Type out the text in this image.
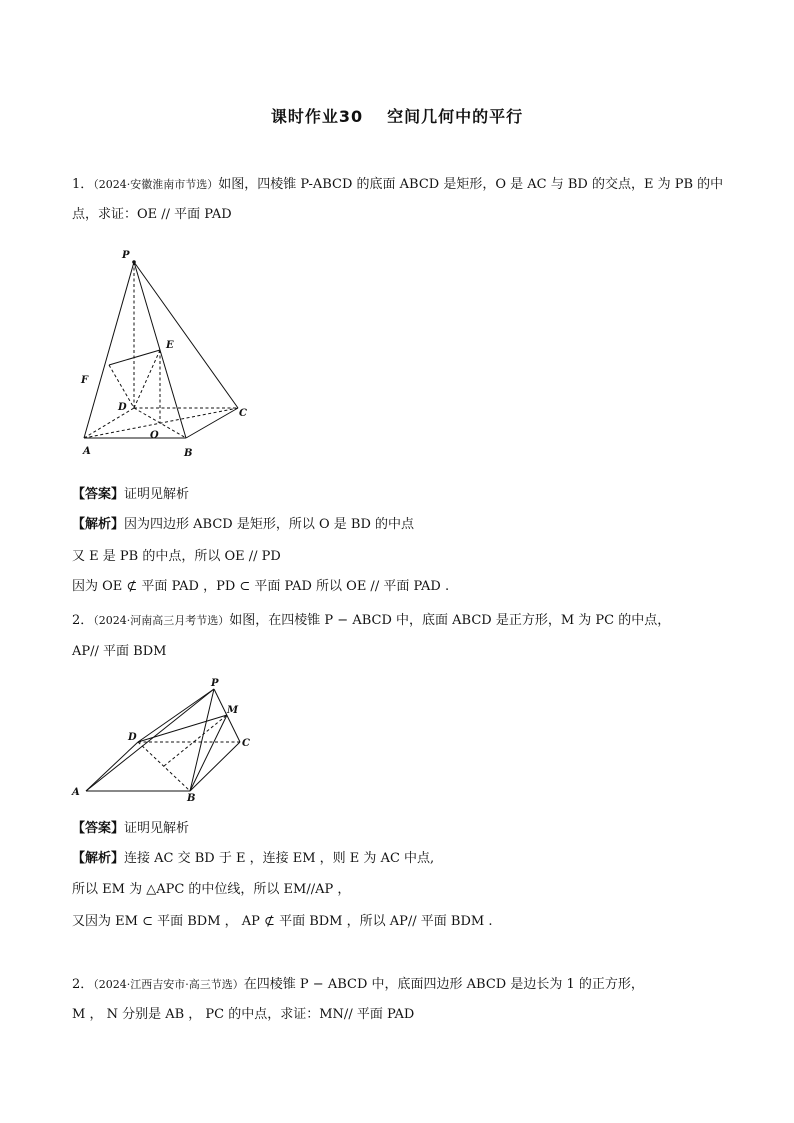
课时作业30 空间几何中的平行
1．（2024·安徽淮南市节选）如图，四棱锥 P-ABCD 的底面 ABCD 是矩形，O 是 AC 与 BD 的交点，E 为 PB 的中
点，求证：OE // 平面 PAD
P
E
F
D
C
O
A	B
【答案】证明见解析
【解析】因为四边形 ABCD 是矩形，所以 O 是 BD 的中点
又 E 是 PB 的中点，所以 OE // PD
因为 OE ⊄ 平面 PAD ，PD ⊂ 平面 PAD 所以 OE // 平面 PAD .
2．（2024·河南高三月考节选）如图，在四棱锥 P − ABCD 中，底面 ABCD 是正方形，M 为 PC 的中点，
AP// 平面 BDM
P
M
D
C
A
B
【答案】证明见解析
【解析】连接 AC 交 BD 于 E ，连接 EM ，则 E 为 AC 中点,
所以 EM 为 △APC 的中位线，所以 EM//AP ，
又因为 EM ⊂ 平面 BDM ， AP ⊄ 平面 BDM ，所以 AP// 平面 BDM .
2．（2024·江西吉安市·高三节选）在四棱锥 P − ABCD 中，底面四边形 ABCD 是边长为 1 的正方形，
M ， N 分别是 AB ， PC 的中点，求证：MN// 平面 PAD
